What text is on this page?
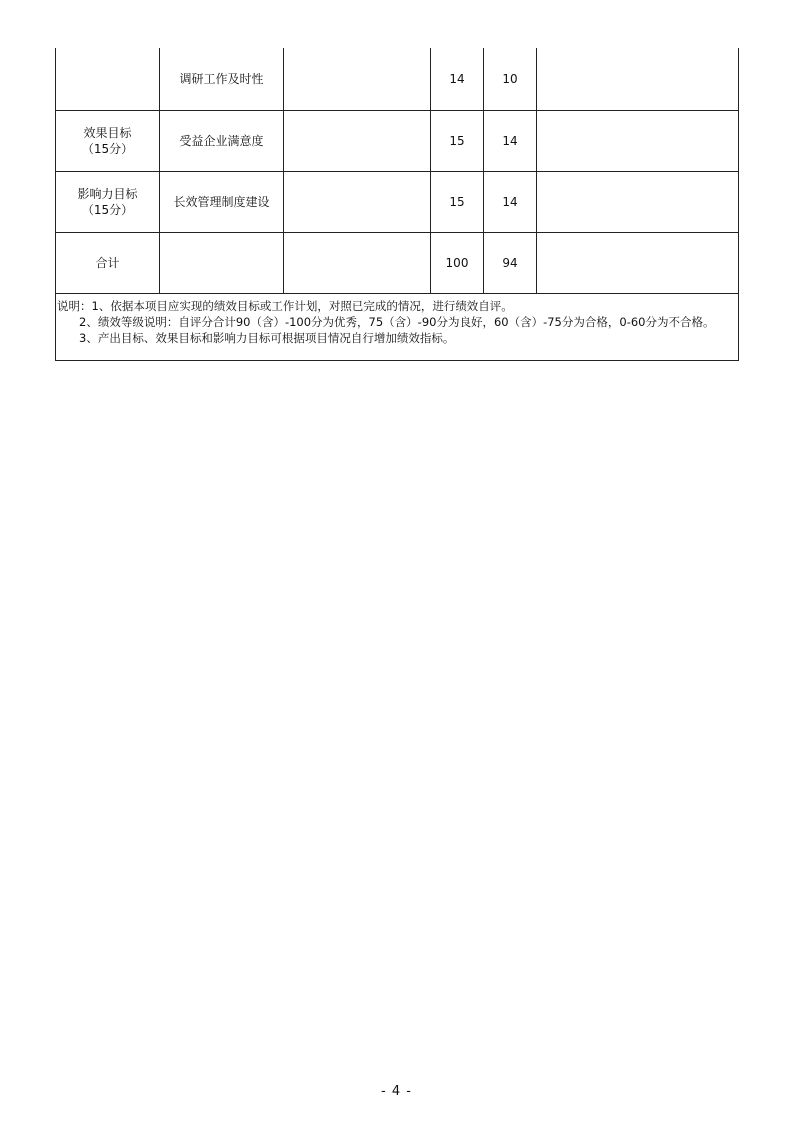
	调研工作及时性		14	10	

效果目标
（15分）	受益企业满意度		15	14	

影响力目标
（15分）	长效管理制度建设		15	14	
合计			100	94	

说明：1、依据本项目应实现的绩效目标或工作计划，对照已完成的情况，进行绩效自评。
2、绩效等级说明：自评分合计90（含）-100分为优秀，75（含）-90分为良好，60（含）-75分为合格，0-60分为不合格。
3、产出目标、效果目标和影响力目标可根据项目情况自行增加绩效指标。					
- 4 -
